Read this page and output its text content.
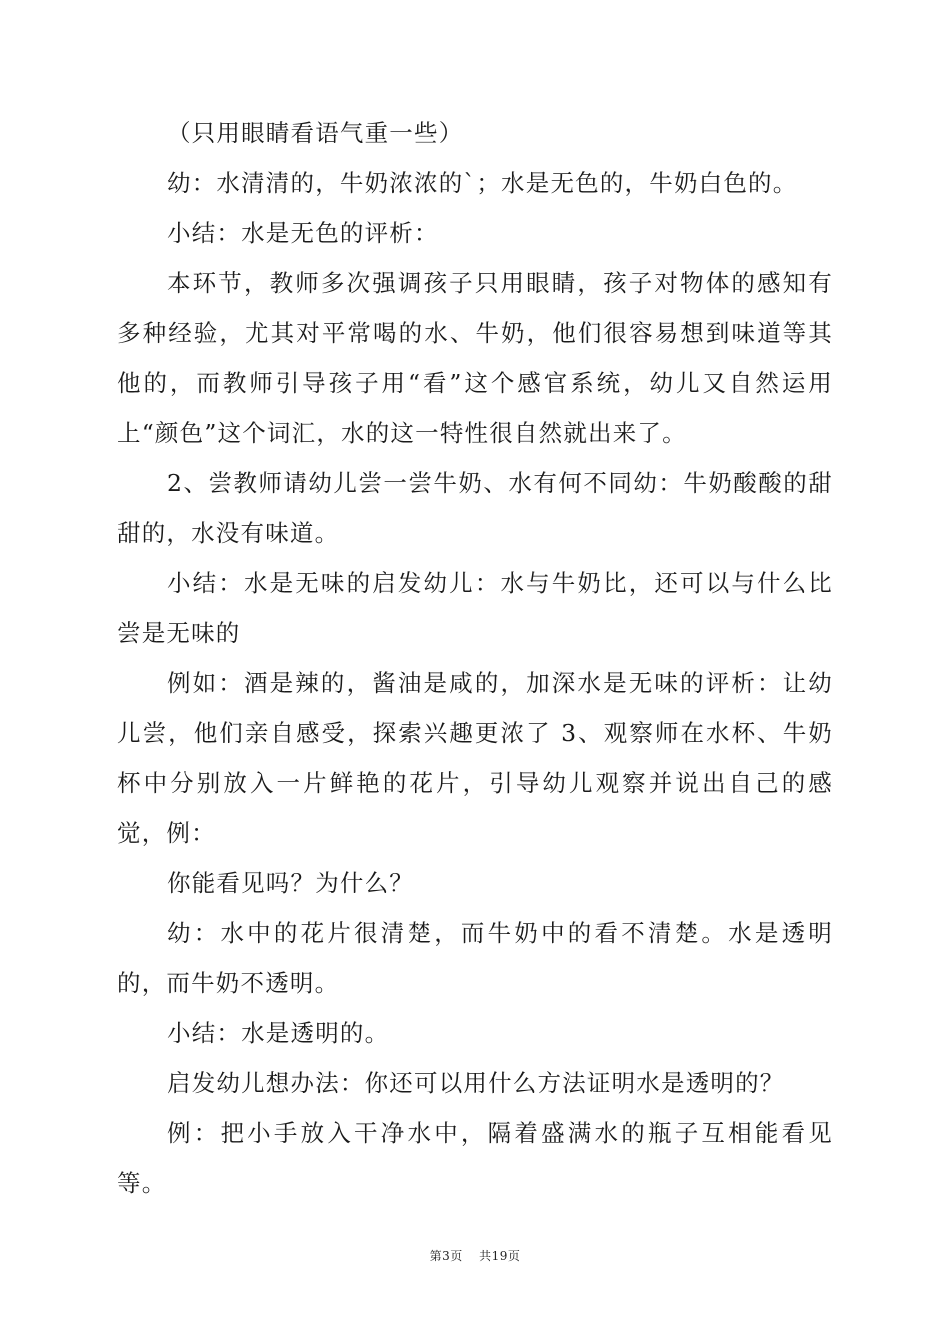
（只用眼睛看语气重一些）

幼：水清清的，牛奶浓浓的`；水是无色的，牛奶白色的。

小结：水是无色的评析：

本环节，教师多次强调孩子只用眼睛，孩子对物体的感知有多种经验，尤其对平常喝的水、牛奶，他们很容易想到味道等其他的，而教师引导孩子用“看”这个感官系统，幼儿又自然运用上“颜色”这个词汇，水的这一特性很自然就出来了。

2、尝教师请幼儿尝一尝牛奶、水有何不同幼：牛奶酸酸的甜甜的，水没有味道。

小结：水是无味的启发幼儿：水与牛奶比，还可以与什么比尝是无味的

例如：酒是辣的，酱油是咸的，加深水是无味的评析：让幼儿尝，他们亲自感受，探索兴趣更浓了 3、观察师在水杯、牛奶杯中分别放入一片鲜艳的花片，引导幼儿观察并说出自己的感觉，例：

你能看见吗？为什么？

幼：水中的花片很清楚，而牛奶中的看不清楚。水是透明的，而牛奶不透明。

小结：水是透明的。

启发幼儿想办法：你还可以用什么方法证明水是透明的？

例：把小手放入干净水中，隔着盛满水的瓶子互相能看见等。

第3页 共19页
